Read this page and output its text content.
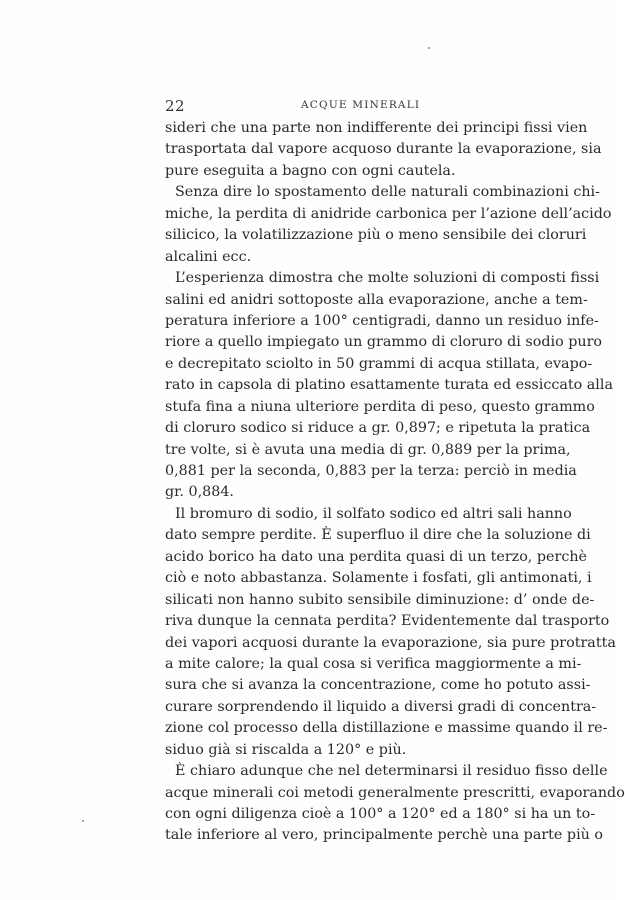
22	ACQUE MINERALI
sideri che una parte non indifferente dei principi fissi vien
trasportata dal vapore acquoso durante la evaporazione, sia
pure eseguita a bagno con ogni cautela.
Senza dire lo spostamento delle naturali combinazioni chi-
miche, la perdita di anidride carbonica per l’azione dell’acido
silicico, la volatilizzazione più o meno sensibile dei cloruri
alcalini ecc.
L’esperienza dimostra che molte soluzioni di composti fissi
salini ed anidri sottoposte alla evaporazione, anche a tem-
peratura inferiore a 100° centigradi, danno un residuo infe-
riore a quello impiegato un grammo di cloruro di sodio puro
e decrepitato sciolto in 50 grammi di acqua stillata, evapo-
rato in capsola di platino esattamente turata ed essiccato alla
stufa fina a niuna ulteriore perdita di peso, questo grammo
di cloruro sodico si riduce a gr. 0,897; e ripetuta la pratica
tre volte, si è avuta una media di gr. 0,889 per la prima,
0,881 per la seconda, 0,883 per la terza: perciò in media
gr. 0,884.
Il bromuro di sodio, il solfato sodico ed altri sali hanno
dato sempre perdite. È superfluo il dire che la soluzione di
acido borico ha dato una perdita quasi di un terzo, perchè
ciò e noto abbastanza. Solamente i fosfati, gli antimonati, i
silicati non hanno subito sensibile diminuzione: d’ onde de-
riva dunque la cennata perdita? Evidentemente dal trasporto
dei vapori acquosi durante la evaporazione, sia pure protratta
a mite calore; la qual cosa si verifica maggiormente a mi-
sura che si avanza la concentrazione, come ho potuto assi-
curare sorprendendo il liquido a diversi gradi di concentra-
zione col processo della distillazione e massime quando il re-
siduo già si riscalda a 120° e più.
È chiaro adunque che nel determinarsi il residuo fisso delle
acque minerali coi metodi generalmente prescritti, evaporando
con ogni diligenza cioè a 100° a 120° ed a 180° si ha un to-
tale inferiore al vero, principalmente perchè una parte più o
